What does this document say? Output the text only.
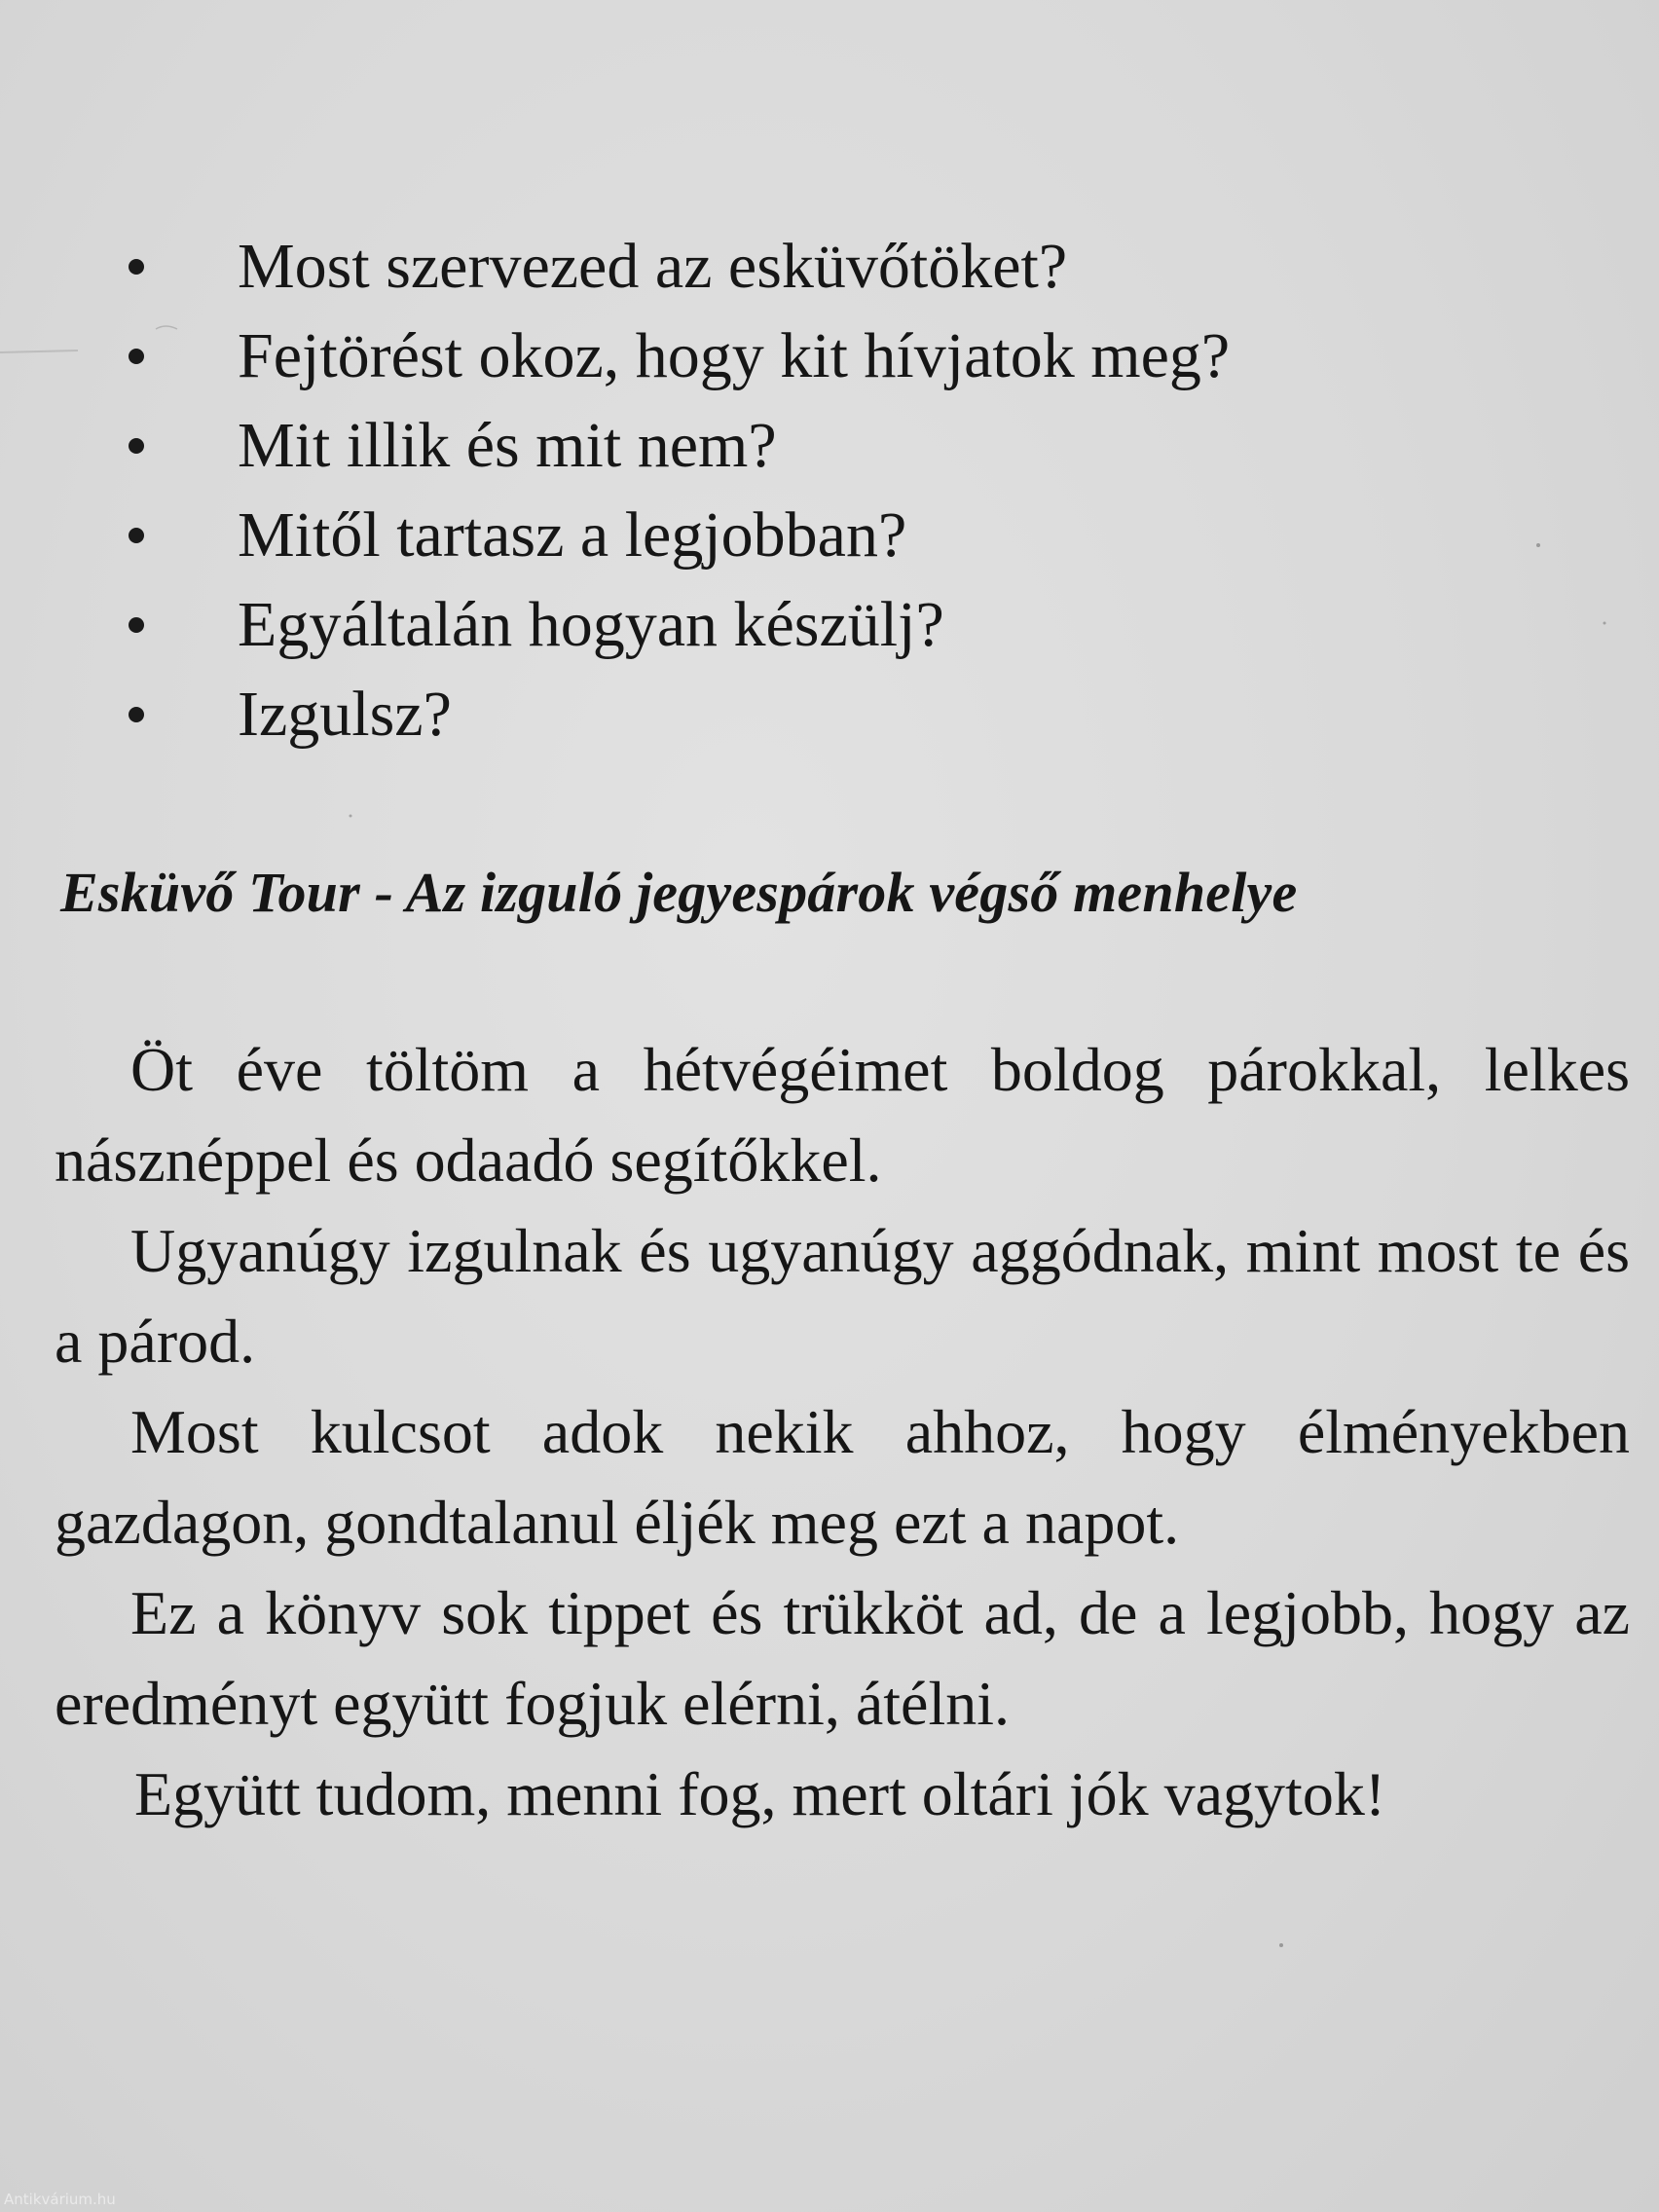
Most szervezed az esküvőtöket?
Fejtörést okoz, hogy kit hívjatok meg?
Mit illik és mit nem?
Mitől tartasz a legjobban?
Egyáltalán hogyan készülj?
Izgulsz?
Esküvő Tour - Az izguló jegyespárok végső menhelye

Öt éve töltöm a hétvégéimet boldog párokkal, lelkes násznéppel és odaadó segítőkkel.

Ugyanúgy izgulnak és ugyanúgy aggódnak, mint most te és a párod.

Most kulcsot adok nekik ahhoz, hogy élményekben gazdagon, gondtalanul éljék meg ezt a napot.

Ez a könyv sok tippet és trükköt ad, de a legjobb, hogy az eredményt együtt fogjuk elérni, átélni.

Együtt tudom, menni fog, mert oltári jók vagytok!

Antikvárium.hu
